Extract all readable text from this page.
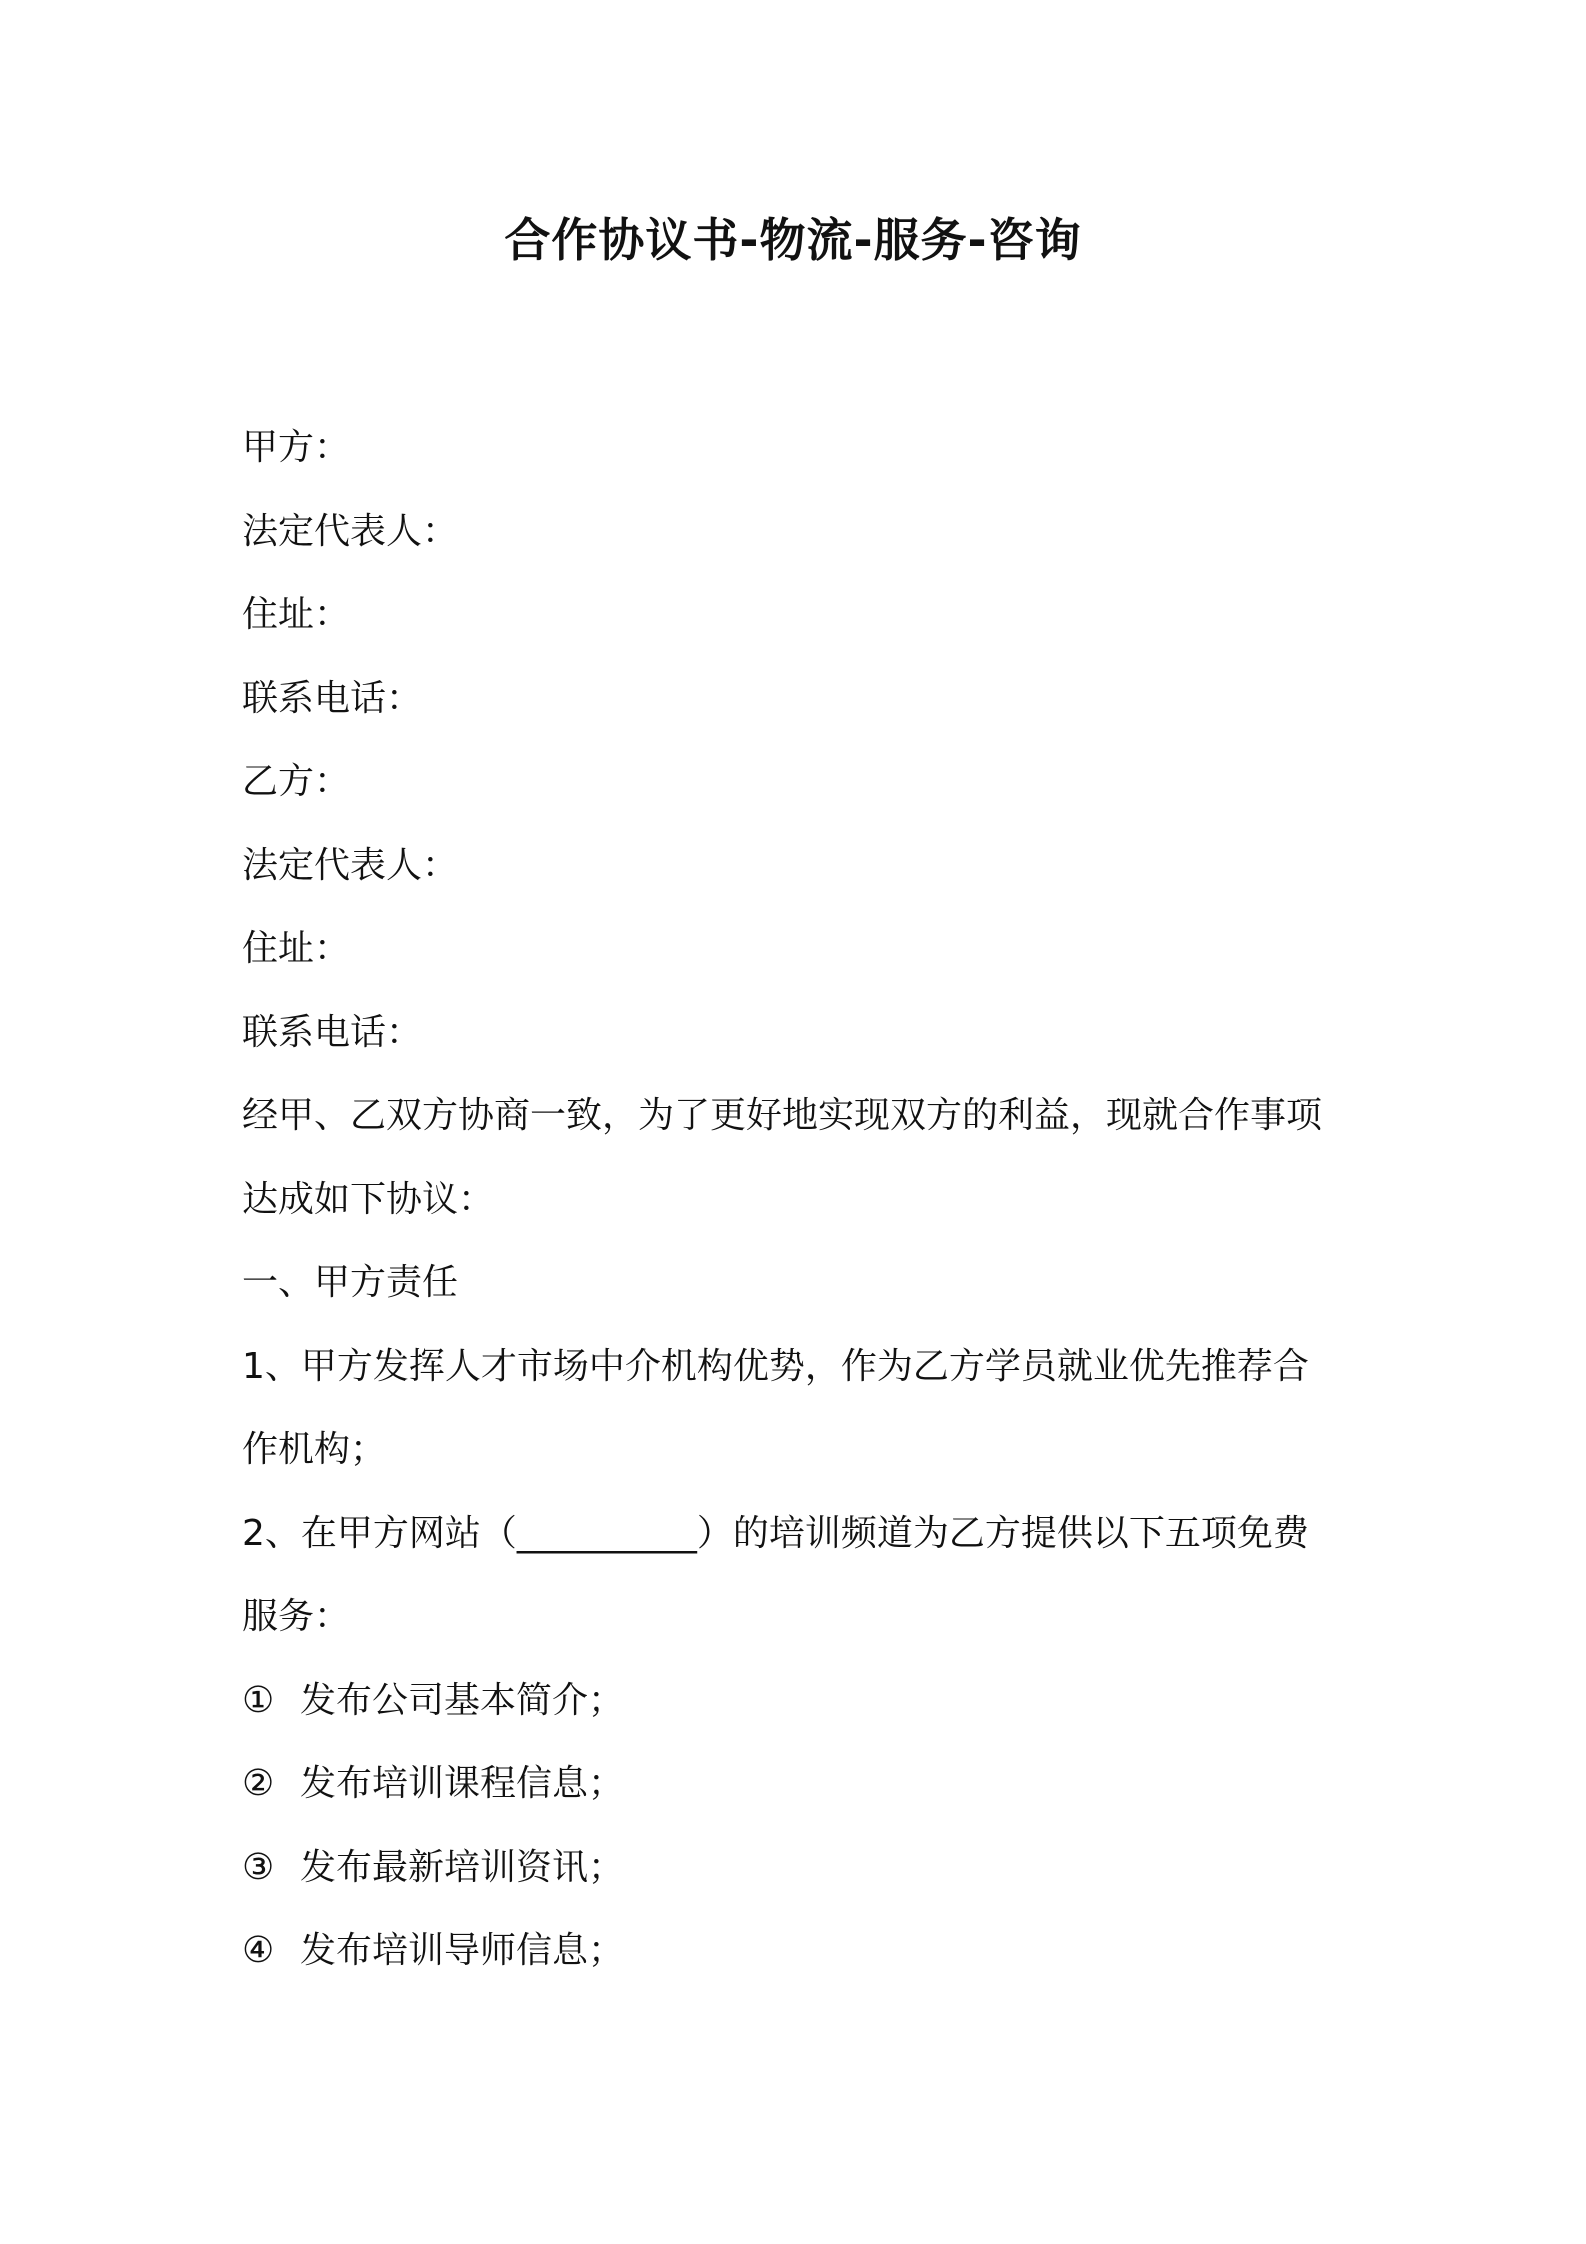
合作协议书-物流-服务-咨询
甲方：
法定代表人：
住址：
联系电话：
乙方：
法定代表人：
住址：
联系电话：
经甲、乙双方协商一致，为了更好地实现双方的利益，现就合作事项
达成如下协议：
一、甲方责任
1、甲方发挥人才市场中介机构优势，作为乙方学员就业优先推荐合
作机构；
2、在甲方网站（__________）的培训频道为乙方提供以下五项免费
服务：
① 发布公司基本简介；
② 发布培训课程信息；
③ 发布最新培训资讯；
④ 发布培训导师信息；
